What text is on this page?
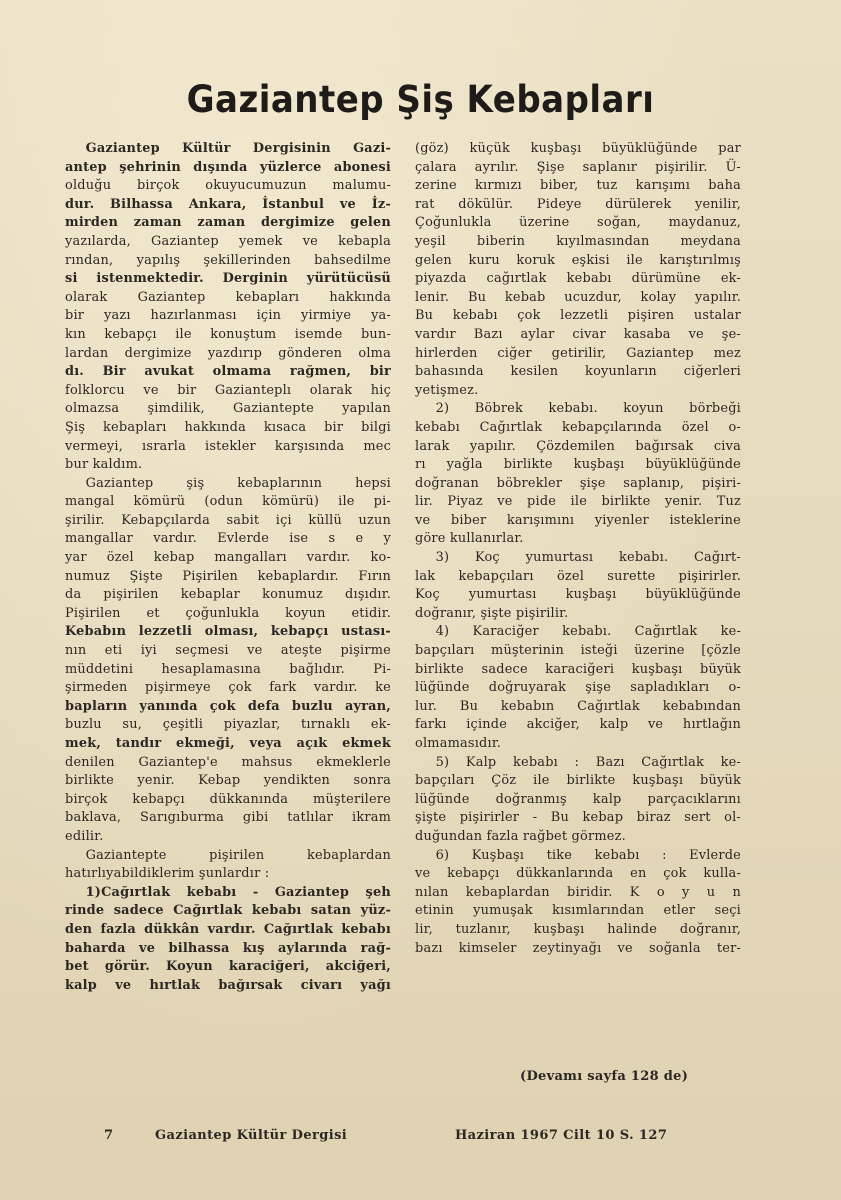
Gaziantep Şiş Kebapları

Gaziantep Kültür Dergisinin Gazi-

antep şehrinin dışında yüzlerce abonesi

olduğu birçok okuyucumuzun malumu-

dur. Bilhassa Ankara, İstanbul ve İz-

mirden zaman zaman dergimize gelen

yazılarda, Gaziantep yemek ve kebapla

rından, yapılış şekillerinden bahsedilme

si istenmektedir. Derginin yürütücüsü

olarak Gaziantep kebapları hakkında

bir yazı hazırlanması için yirmiye ya-

kın kebapçı ile konuştum isemde bun-

lardan dergimize yazdırıp gönderen olma

dı. Bir avukat olmama rağmen, bir

folklorcu ve bir Gazianteplı olarak hiç

olmazsa şimdilik, Gaziantepte yapılan

Şiş kebapları hakkında kısaca bir bilgi

vermeyi, ısrarla istekler karşısında mec

bur kaldım.

Gaziantep şiş kebaplarının hepsi

mangal kömürü (odun kömürü) ile pi-

şirilir. Kebapçılarda sabit içi küllü uzun

mangallar vardır. Evlerde ise s e y

yar özel kebap mangalları vardır. ko-

numuz Şişte Pişirilen kebaplardır. Fırın

da pişirilen kebaplar konumuz dışıdır.

Pişirilen et çoğunlukla koyun etidir.

Kebabın lezzetli olması, kebapçı ustası-

nın eti iyi seçmesi ve ateşte pişirme

müddetini hesaplamasına bağlıdır. Pi-

şirmeden pişirmeye çok fark vardır. ke

bapların yanında çok defa buzlu ayran,

buzlu su, çeşitli piyazlar, tırnaklı ek-

mek, tandır ekmeği, veya açık ekmek

denilen Gaziantep'e mahsus ekmeklerle

birlikte yenir. Kebap yendikten sonra

birçok kebapçı dükkanında müşterilere

baklava, Sarıgıburma gibi tatlılar ikram

edilir.

Gaziantepte pişirilen kebaplardan

hatırlıyabildiklerim şunlardır :

1)Cağırtlak kebabı - Gaziantep şeh

rinde sadece Cağırtlak kebabı satan yüz-

den fazla dükkân vardır. Cağırtlak kebabı

baharda ve bilhassa kış aylarında rağ-

bet görür. Koyun karaciğeri, akciğeri,

kalp ve hırtlak bağırsak civarı yağı

(göz) küçük kuşbaşı büyüklüğünde par

çalara ayrılır. Şişe saplanır pişirilir. Ü-

zerine kırmızı biber, tuz karışımı baha

rat dökülür. Pideye dürülerek yenilir,

Çoğunlukla üzerine soğan, maydanuz,

yeşil biberin kıyılmasından meydana

gelen kuru koruk eşkisi ile karıştırılmış

piyazda cağırtlak kebabı dürümüne ek-

lenir. Bu kebab ucuzdur, kolay yapılır.

Bu kebabı çok lezzetli pişiren ustalar

vardır Bazı aylar civar kasaba ve şe-

hirlerden ciğer getirilir, Gaziantep mez

bahasında kesilen koyunların ciğerleri

yetişmez.

2) Böbrek kebabı. koyun börbeği

kebabı Cağırtlak kebapçılarında özel o-

larak yapılır. Çözdemilen bağırsak civa

rı yağla birlikte kuşbaşı büyüklüğünde

doğranan böbrekler şişe saplanıp, pişiri-

lir. Piyaz ve pide ile birlikte yenir. Tuz

ve biber karışımını yiyenler isteklerine

göre kullanırlar.

3) Koç yumurtası kebabı. Cağırt-

lak kebapçıları özel surette pişirirler.

Koç yumurtası kuşbaşı büyüklüğünde

doğranır, şişte pişirilir.

4) Karaciğer kebabı. Cağırtlak ke-

bapçıları müşterinin isteği üzerine [çözle

birlikte sadece karaciğeri kuşbaşı büyük

lüğünde doğruyarak şişe sapladıkları o-

lur. Bu kebabın Cağırtlak kebabından

farkı içinde akciğer, kalp ve hırtlağın

olmamasıdır.

5) Kalp kebabı : Bazı Cağırtlak ke-

bapçıları Çöz ile birlikte kuşbaşı büyük

lüğünde doğranmış kalp parçacıklarını

şişte pişirirler - Bu kebap biraz sert ol-

duğundan fazla rağbet görmez.

6) Kuşbaşı tike kebabı : Evlerde

ve kebapçı dükkanlarında en çok kulla-

nılan kebaplardan biridir. K o y u n

etinin yumuşak kısımlarından etler seçi

lir, tuzlanır, kuşbaşı halinde doğranır,

bazı kimseler zeytinyağı ve soğanla ter-

(Devamı sayfa 128 de)
7	Gaziantep Kültür Dergisi	Haziran 1967 Cilt 10 S. 127
